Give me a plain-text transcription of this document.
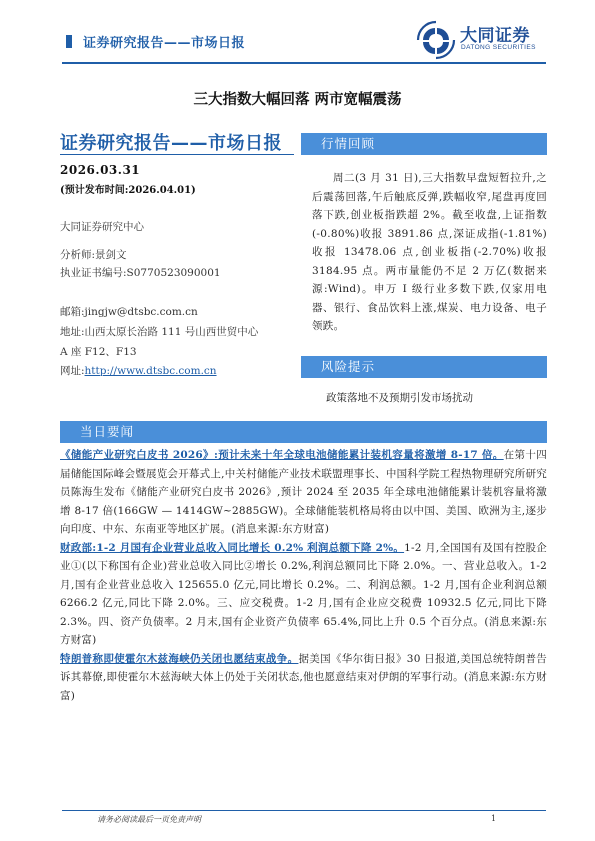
证券研究报告——市场日报	大同证券
DATONG SECURITIES
三大指数大幅回落 两市宽幅震荡
证券研究报告——市场日报
2026.03.31
(预计发布时间:2026.04.01)
大同证券研究中心
分析师:景剑文
执业证书编号:S0770523090001
邮箱:jingjw@dtsbc.com.cn
地址:山西太原长治路 111 号山西世贸中心
A 座 F12、F13
网址:http://www.dtsbc.com.cn
行情回顾
周二(3 月 31 日),三大指数早盘短暂拉升,之后震荡回落,午后触底反弹,跌幅收窄,尾盘再度回落下跌,创业板指跌超 2%。截至收盘,上证指数(-0.80%)收报 3891.86 点,深证成指(-1.81%)收报 13478.06 点,创业板指(-2.70%)收报 3184.95 点。两市量能仍不足 2 万亿(数据来源:Wind)。申万 I 级行业多数下跌,仅家用电器、银行、食品饮料上涨,煤炭、电力设备、电子领跌。
风险提示
政策落地不及预期引发市场扰动
当日要闻

《储能产业研究白皮书 2026》:预计未来十年全球电池储能累计装机容量将激增 8-17 倍。在第十四届储能国际峰会暨展览会开幕式上,中关村储能产业技术联盟理事长、中国科学院工程热物理研究所研究员陈海生发布《储能产业研究白皮书 2026》,预计 2024 至 2035 年全球电池储能累计装机容量将激增 8-17 倍(166GW — 1414GW~2885GW)。全球储能装机格局将由以中国、美国、欧洲为主,逐步向印度、中东、东南亚等地区扩展。(消息来源:东方财富)

财政部:1-2 月国有企业营业总收入同比增长 0.2% 利润总额下降 2%。1-2 月,全国国有及国有控股企业①(以下称国有企业)营业总收入同比②增长 0.2%,利润总额同比下降 2.0%。一、营业总收入。1-2 月,国有企业营业总收入 125655.0 亿元,同比增长 0.2%。二、利润总额。1-2 月,国有企业利润总额 6266.2 亿元,同比下降 2.0%。三、应交税费。1-2 月,国有企业应交税费 10932.5 亿元,同比下降 2.3%。四、资产负债率。2 月末,国有企业资产负债率 65.4%,同比上升 0.5 个百分点。(消息来源:东方财富)

特朗普称即使霍尔木兹海峡仍关闭也愿结束战争。据美国《华尔街日报》30 日报道,美国总统特朗普告诉其幕僚,即使霍尔木兹海峡大体上仍处于关闭状态,他也愿意结束对伊朗的军事行动。(消息来源:东方财富)

请务必阅读最后一页免责声明	1
